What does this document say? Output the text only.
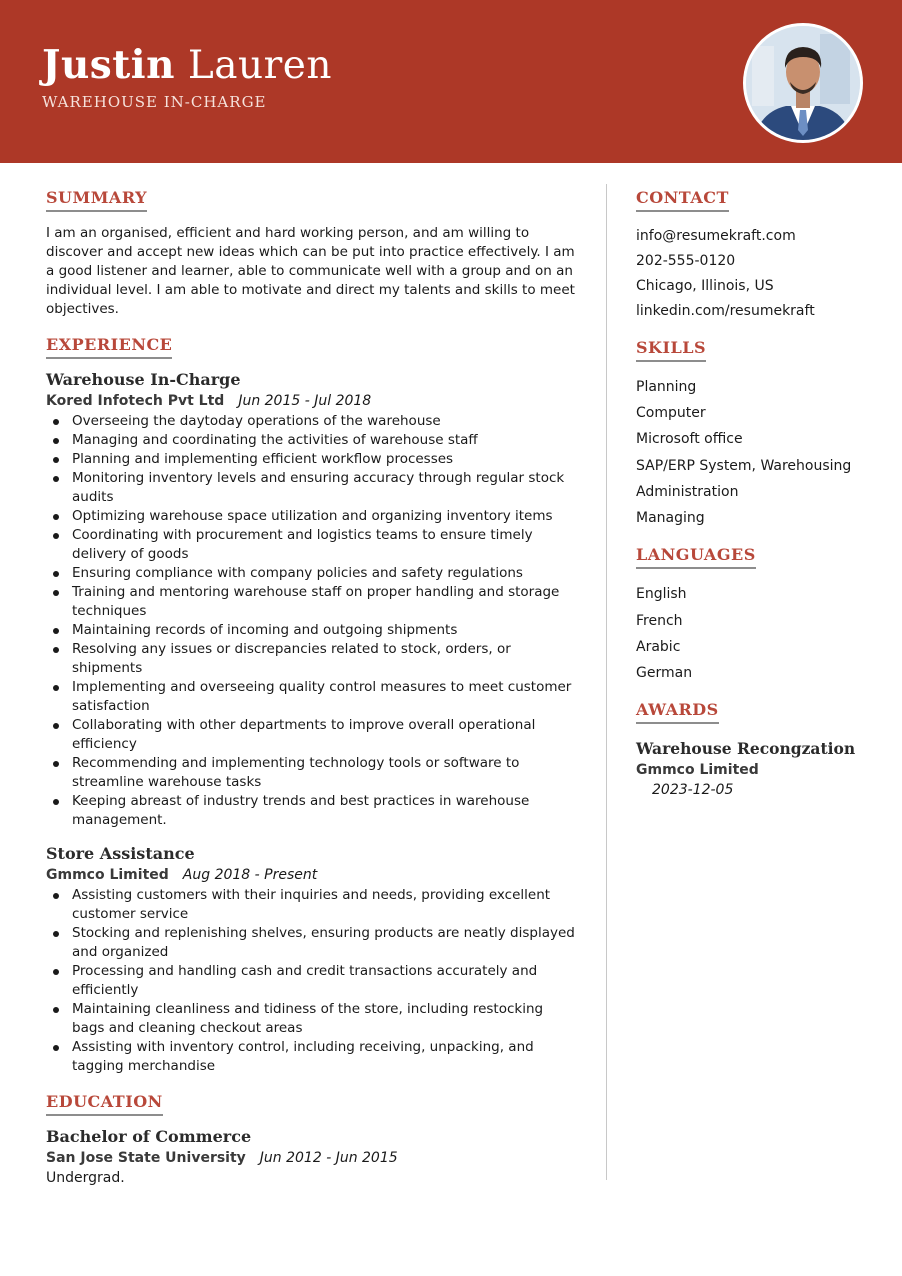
Justin Lauren
WAREHOUSE IN-CHARGE
SUMMARY

I am an organised, efficient and hard working person, and am willing to discover and accept new ideas which can be put into practice effectively. I am a good listener and learner, able to communicate well with a group and on an individual level. I am able to motivate and direct my talents and skills to meet objectives.

EXPERIENCE
Warehouse In-Charge
Kored Infotech Pvt Ltd Jun 2015 - Jul 2018
Overseeing the daytoday operations of the warehouse
Managing and coordinating the activities of warehouse staff
Planning and implementing efficient workflow processes
Monitoring inventory levels and ensuring accuracy through regular stock audits
Optimizing warehouse space utilization and organizing inventory items
Coordinating with procurement and logistics teams to ensure timely delivery of goods
Ensuring compliance with company policies and safety regulations
Training and mentoring warehouse staff on proper handling and storage techniques
Maintaining records of incoming and outgoing shipments
Resolving any issues or discrepancies related to stock, orders, or shipments
Implementing and overseeing quality control measures to meet customer satisfaction
Collaborating with other departments to improve overall operational efficiency
Recommending and implementing technology tools or software to streamline warehouse tasks
Keeping abreast of industry trends and best practices in warehouse management.
Store Assistance
Gmmco Limited Aug 2018 - Present
Assisting customers with their inquiries and needs, providing excellent customer service
Stocking and replenishing shelves, ensuring products are neatly displayed and organized
Processing and handling cash and credit transactions accurately and efficiently
Maintaining cleanliness and tidiness of the store, including restocking bags and cleaning checkout areas
Assisting with inventory control, including receiving, unpacking, and tagging merchandise
EDUCATION
Bachelor of Commerce
San Jose State University Jun 2012 - Jun 2015
Undergrad.
CONTACT
info@resumekraft.com
202-555-0120
Chicago, Illinois, US
linkedin.com/resumekraft
SKILLS
Planning
Computer
Microsoft office
SAP/ERP System, Warehousing
Administration
Managing
LANGUAGES
English
French
Arabic
German
AWARDS
Warehouse Recongzation
Gmmco Limited
2023-12-05
